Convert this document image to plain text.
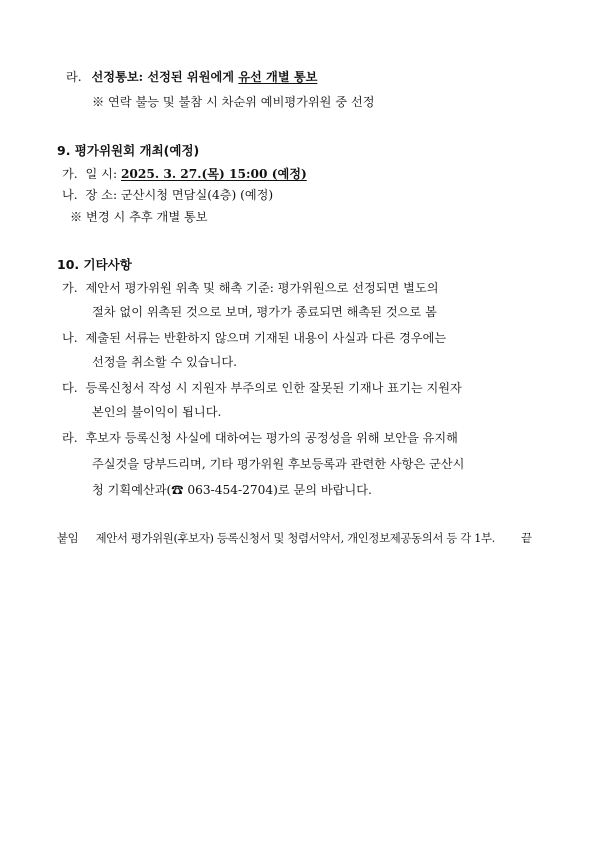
라. 선정통보: 선정된 위원에게 유선 개별 통보
※ 연락 불능 및 불참 시 차순위 예비평가위원 중 선정
9. 평가위원회 개최(예정)
가. 일 시: 2025. 3. 27.(목) 15:00 (예정)
나. 장 소: 군산시청 면담실(4층) (예정)
※ 변경 시 추후 개별 통보
10. 기타사항
가. 제안서 평가위원 위촉 및 해촉 기준: 평가위원으로 선정되면 별도의
절차 없이 위촉된 것으로 보며, 평가가 종료되면 해촉된 것으로 봄
나. 제출된 서류는 반환하지 않으며 기재된 내용이 사실과 다른 경우에는
선정을 취소할 수 있습니다.
다. 등록신청서 작성 시 지원자 부주의로 인한 잘못된 기재나 표기는 지원자
본인의 불이익이 됩니다.
라. 후보자 등록신청 사실에 대하여는 평가의 공정성을 위해 보안을 유지해
주실것을 당부드리며, 기타 평가위원 후보등록과 관련한 사항은 군산시
청 기획예산과(☎ 063-454-2704)로 문의 바랍니다.
붙임 제안서 평가위원(후보자) 등록신청서 및 청렴서약서, 개인정보제공동의서 등 각 1부. 끝
